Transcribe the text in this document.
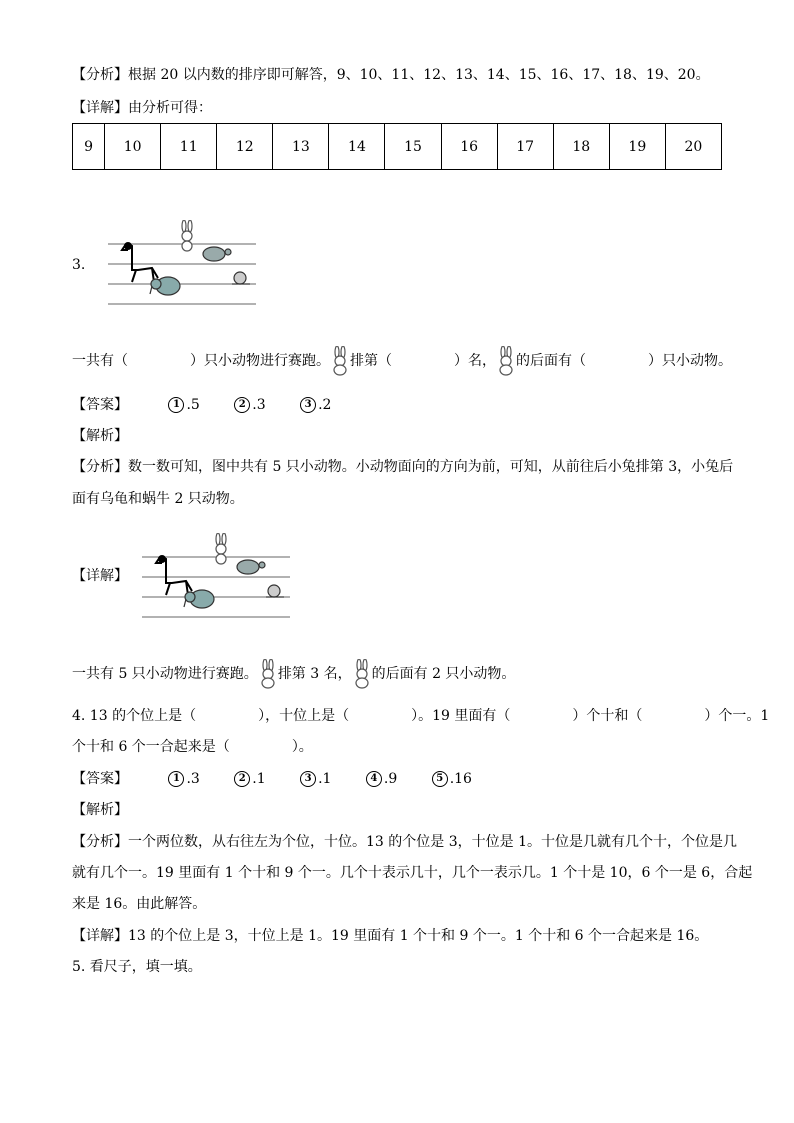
【分析】根据 20 以内数的排序即可解答，9、10、11、12、13、14、15、16、17、18、19、20。
【详解】由分析可得：
9	10	11	12	13	14	15	16	17	18	19	20
3.
一共有（	）只小动物进行赛跑。 排第（	）名， 的后面有（	）只小动物。
【答案】	1 .5	2 .3	3 .2
【解析】
【分析】数一数可知，图中共有 5 只小动物。小动物面向的方向为前，可知，从前往后小兔排第 3，小兔后
面有乌龟和蜗牛 2 只动物。
【详解】
一共有 5 只小动物进行赛跑。 排第 3 名， 的后面有 2 只小动物。
4. 13 的个位上是（	），十位上是（	）。19 里面有（	）个十和（	）个一。1
个十和 6 个一合起来是（	）。
【答案】	1 .3	2 .1	3 .1	4 .9	5 .16
【解析】
【分析】一个两位数，从右往左为个位，十位。13 的个位是 3，十位是 1。十位是几就有几个十，个位是几
就有几个一。19 里面有 1 个十和 9 个一。几个十表示几十，几个一表示几。1 个十是 10，6 个一是 6，合起
来是 16。由此解答。
【详解】13 的个位上是 3，十位上是 1。19 里面有 1 个十和 9 个一。1 个十和 6 个一合起来是 16。
5. 看尺子，填一填。
